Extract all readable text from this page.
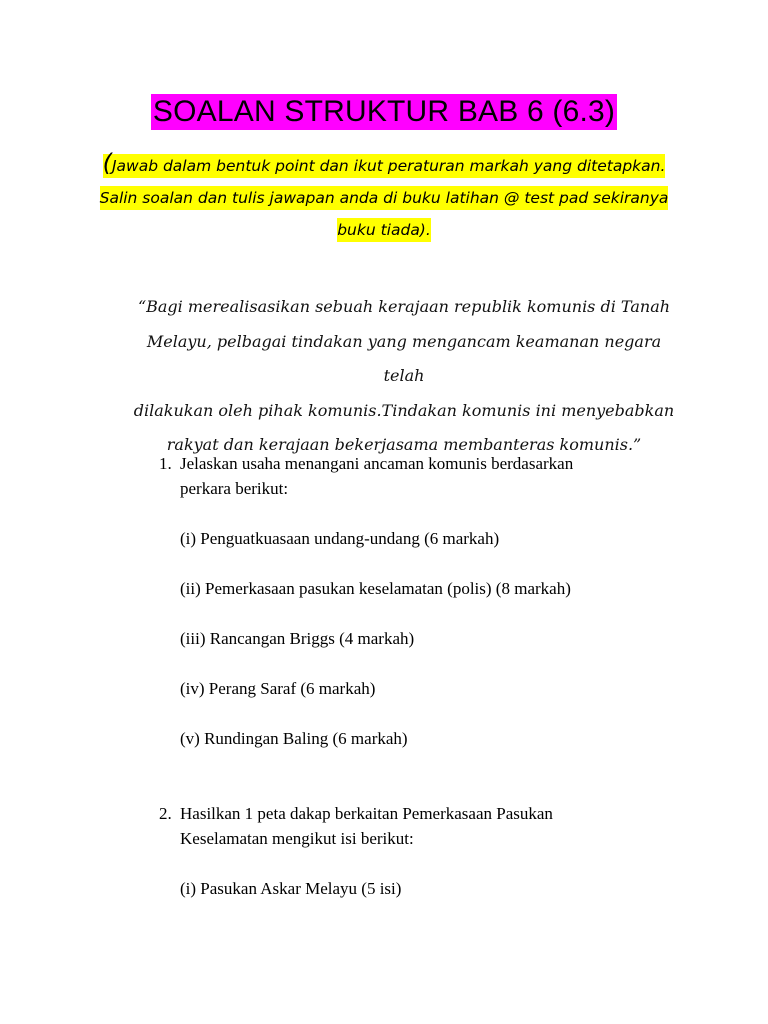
SOALAN STRUKTUR BAB 6 (6.3)
(Jawab dalam bentuk point dan ikut peraturan markah yang ditetapkan.
Salin soalan dan tulis jawapan anda di buku latihan @ test pad sekiranya
buku tiada).
“Bagi merealisasikan sebuah kerajaan republik komunis di Tanah
Melayu, pelbagai tindakan yang mengancam keamanan negara telah
dilakukan oleh pihak komunis.Tindakan komunis ini menyebabkan
rakyat dan kerajaan bekerjasama membanteras komunis.”
1. Jelaskan usaha menangani ancaman komunis berdasarkan
perkara berikut:
(i) Penguatkuasaan undang-undang (6 markah)
(ii) Pemerkasaan pasukan keselamatan (polis) (8 markah)
(iii) Rancangan Briggs (4 markah)
(iv) Perang Saraf (6 markah)
(v) Rundingan Baling (6 markah)
2. Hasilkan 1 peta dakap berkaitan Pemerkasaan Pasukan
Keselamatan mengikut isi berikut:
(i) Pasukan Askar Melayu (5 isi)
